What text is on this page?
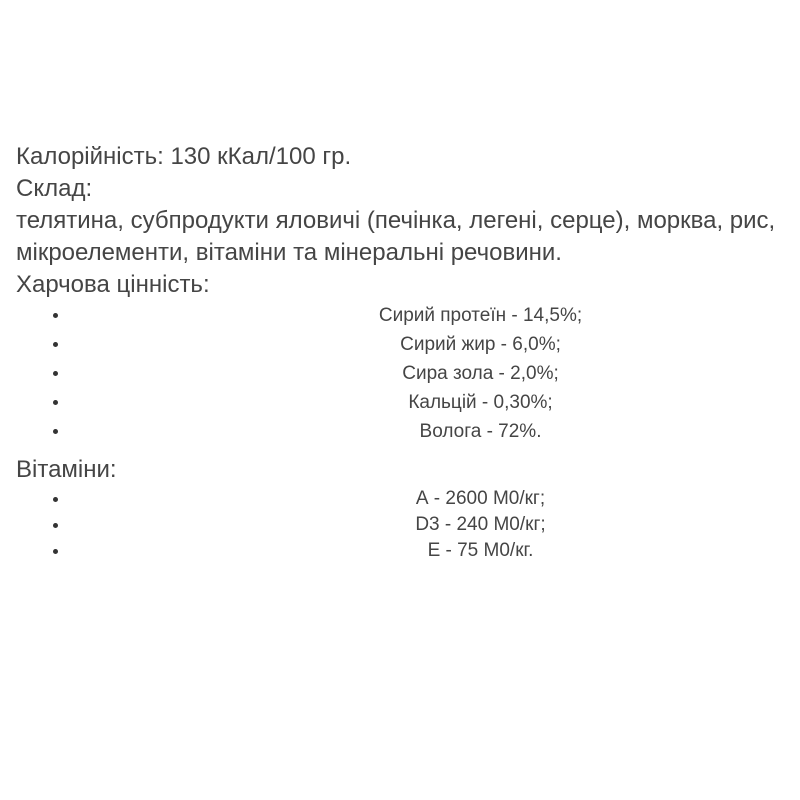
Калорійність: 130 кКал/100 гр.

Склад:

телятина, субпродукти яловичі (печінка, легені, серце), морква, рис, мікроелементи, вітаміни та мінеральні речовини.

Харчова цінність:

Сирий протеїн - 14,5%;
Сирий жир - 6,0%;
Сира зола - 2,0%;
Кальцій - 0,30%;
Волога - 72%.

Вітаміни:

А - 2600 М0/кг;
D3 - 240 М0/кг;
Е - 75 М0/кг.
